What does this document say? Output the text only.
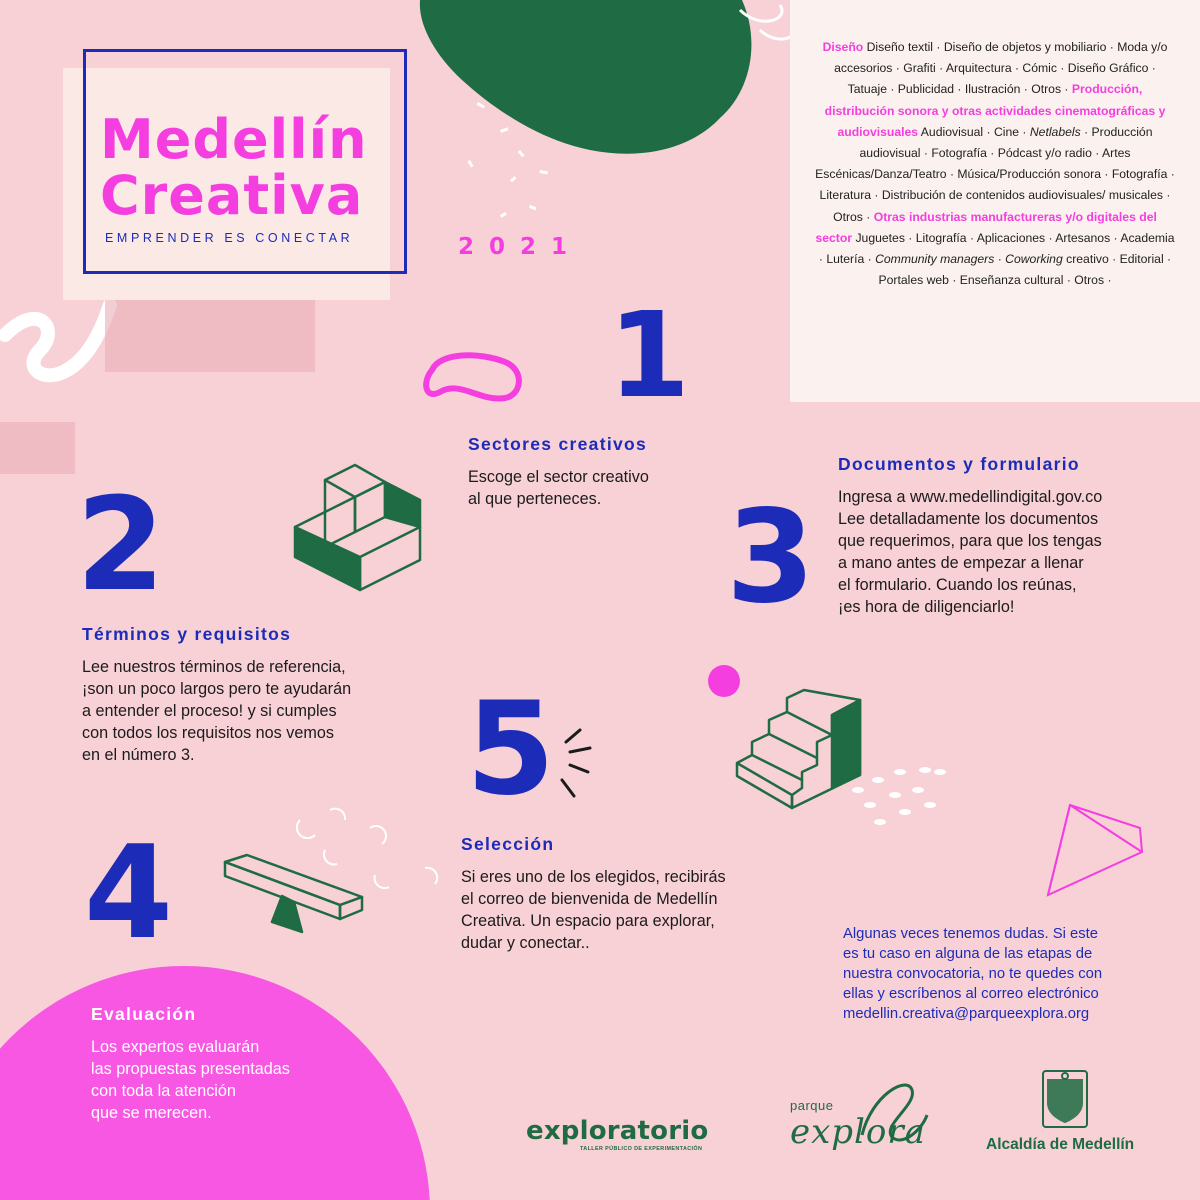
Medellín
Creativa
EMPRENDER ES CONECTAR	2021
Diseño Diseño textil · Diseño de objetos y mobiliario · Moda y/o accesorios · Grafiti · Arquitectura · Cómic · Diseño Gráfico · Tatuaje · Publicidad · Ilustración · Otros · Producción, distribución sonora y otras actividades cinematográficas y audiovisuales Audiovisual · Cine · Netlabels · Producción audiovisual · Fotografía · Pódcast y/o radio · Artes Escénicas/Danza/Teatro · Música/Producción sonora · Fotografía · Literatura · Distribución de contenidos audiovisuales/ musicales · Otros · Otras industrias manufactureras y/o digitales del sector Juguetes · Litografía · Aplicaciones · Artesanos · Academia · Lutería · Community managers · Coworking creativo · Editorial · Portales web · Enseñanza cultural · Otros ·
1
Sectores creativos
Escoge el sector creativo
al que perteneces.
2
Términos y requisitos
Lee nuestros términos de referencia,
¡son un poco largos pero te ayudarán
a entender el proceso! y si cumples
con todos los requisitos nos vemos
en el número 3.
3
Documentos y formulario
Ingresa a www.medellindigital.gov.co
Lee detalladamente los documentos
que requerimos, para que los tengas
a mano antes de empezar a llenar
el formulario. Cuando los reúnas,
¡es hora de diligenciarlo!
5
Selección
Si eres uno de los elegidos, recibirás
el correo de bienvenida de Medellín
Creativa. Un espacio para explorar,
dudar y conectar..
4
Evaluación
Los expertos evaluarán
las propuestas presentadas
con toda la atención
que se merecen.
Algunas veces tenemos dudas. Si este
es tu caso en alguna de las etapas de
nuestra convocatoria, no te quedes con
ellas y escríbenos al correo electrónico
medellin.creativa@parqueexplora.org
exploratorio
TALLER PÚBLICO DE EXPERIMENTACIÓN
parque
explora	Alcaldía de Medellín
